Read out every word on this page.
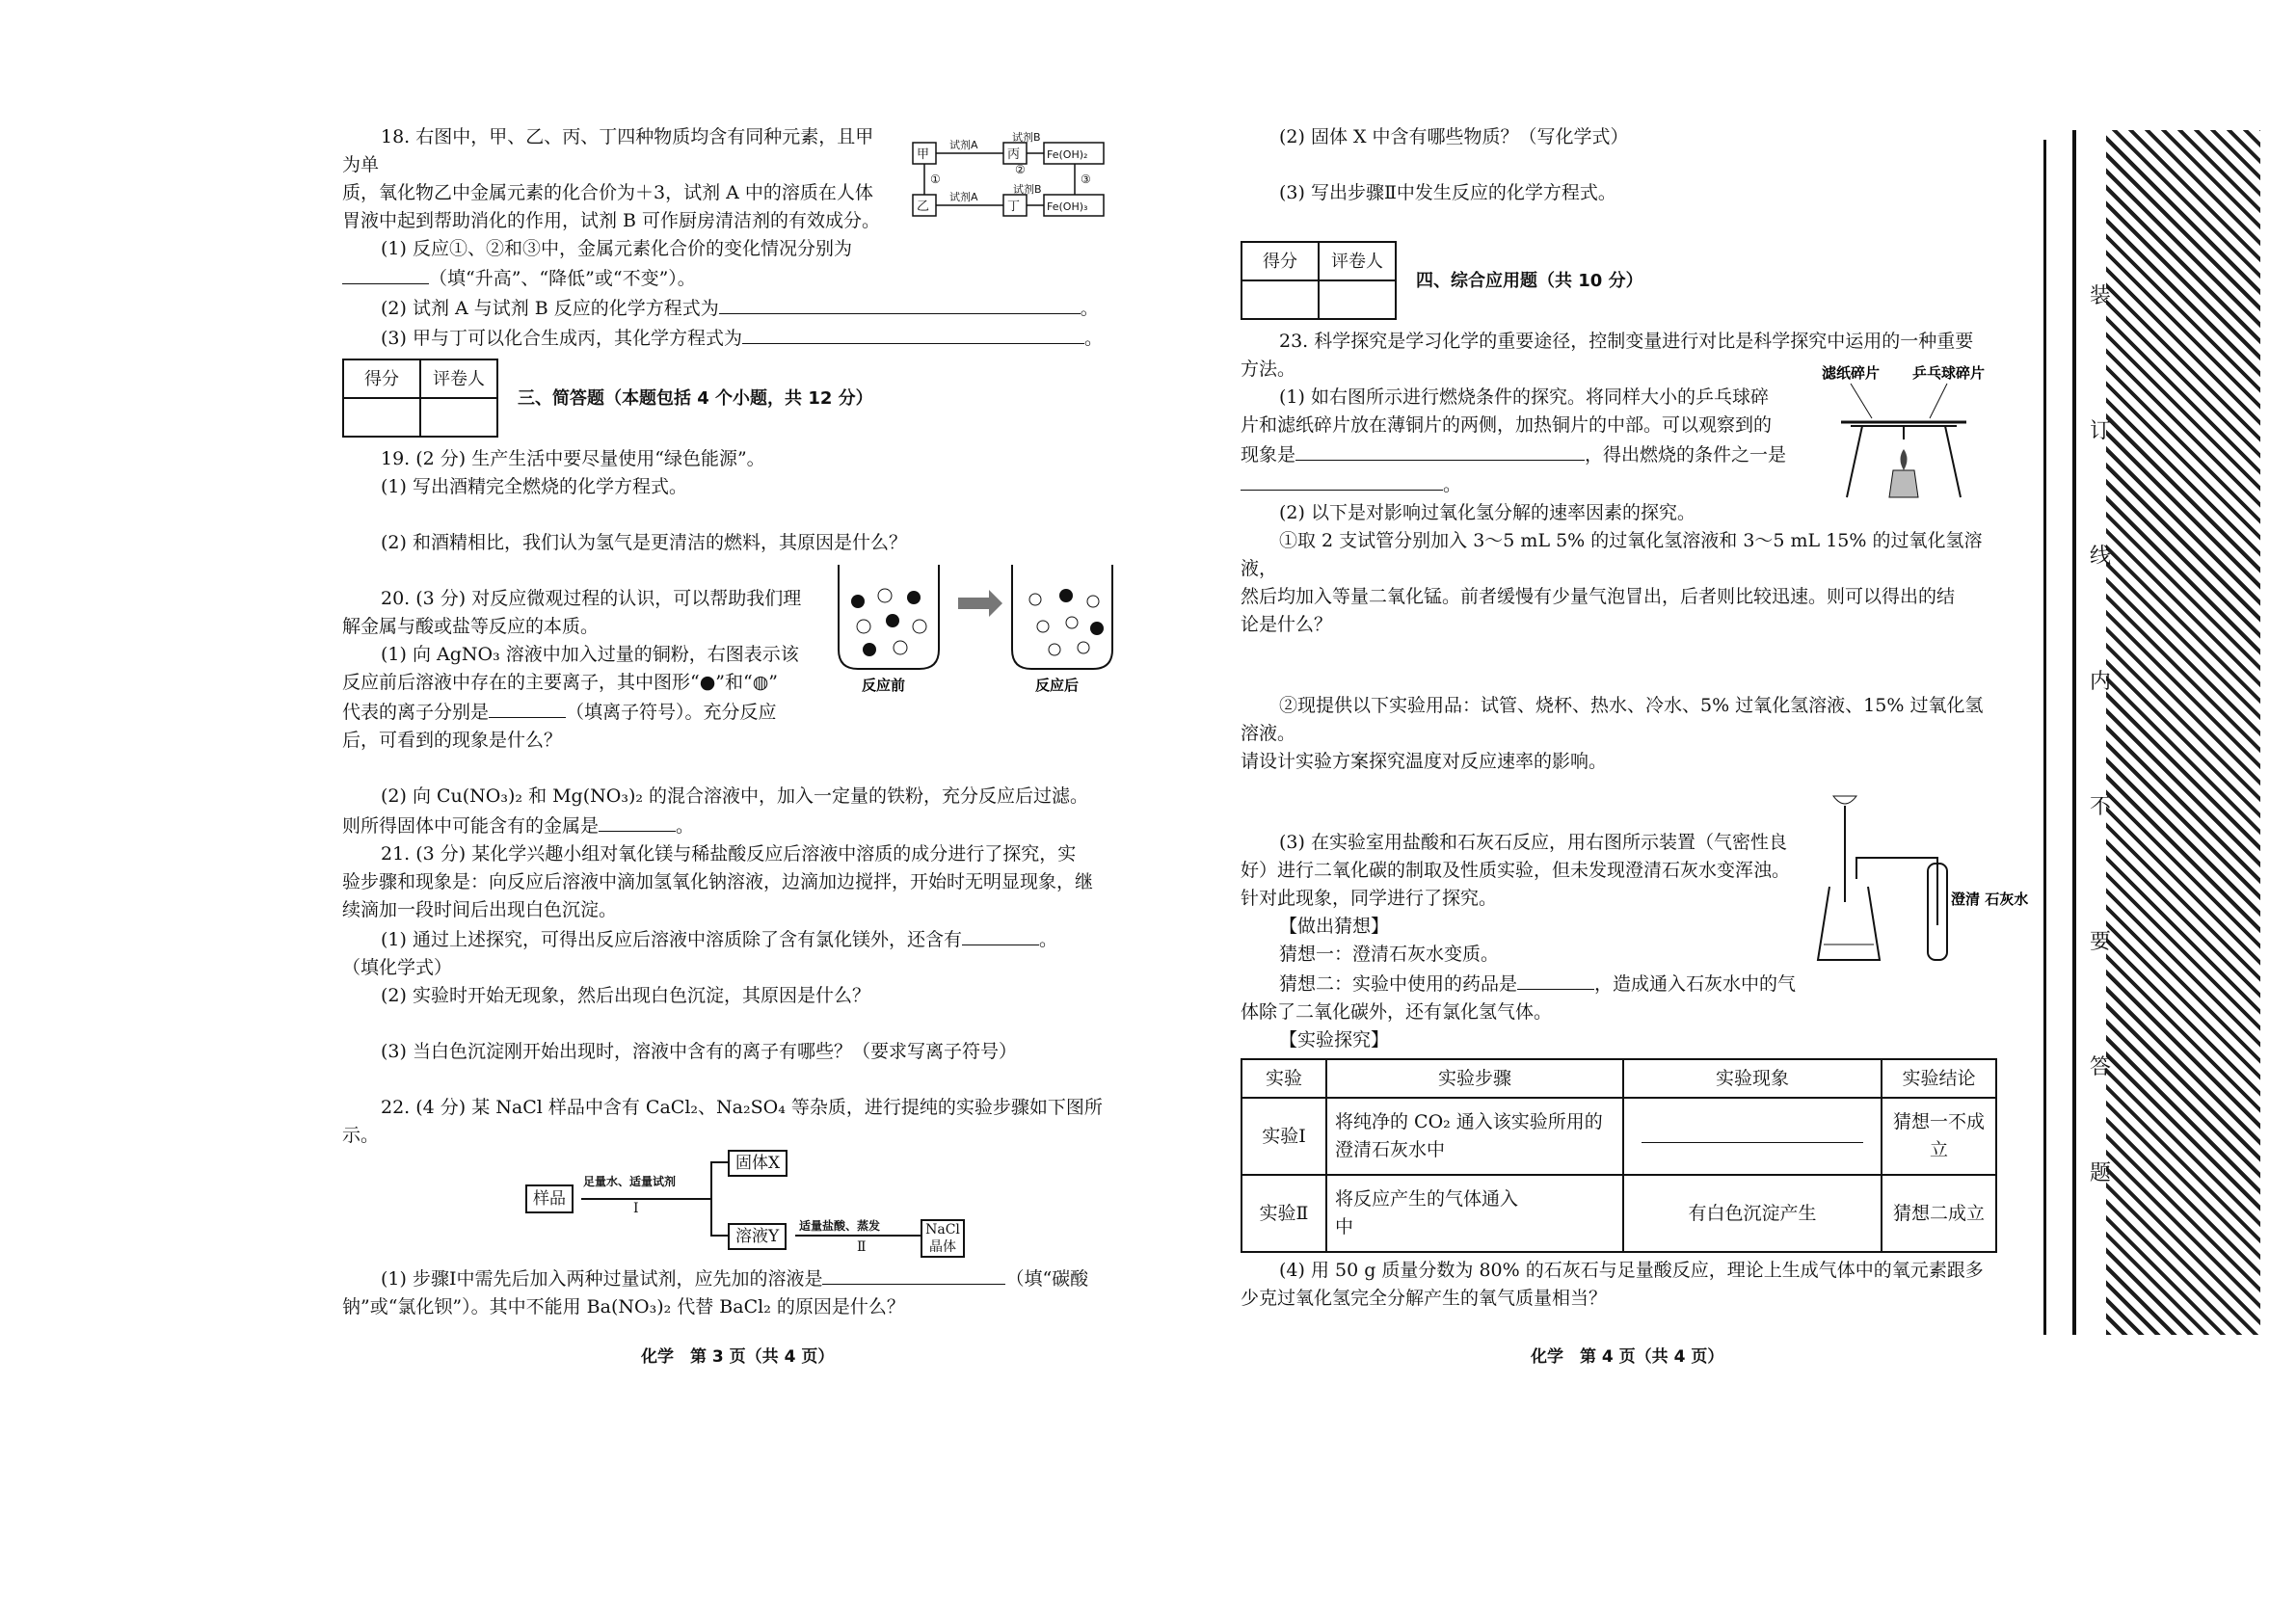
18. 右图中，甲、乙、丙、丁四种物质均含有同种元素，且甲为单

质，氧化物乙中金属元素的化合价为＋3，试剂 A 中的溶质在人体

胃液中起到帮助消化的作用，试剂 B 可作厨房清洁剂的有效成分。

(1) 反应①、②和③中，金属元素化合价的变化情况分别为

（填“升高”、“降低”或“不变”）。

(2) 试剂 A 与试剂 B 反应的化学方程式为	。

(3) 甲与丁可以化合生成丙，其化学方程式为	。

得分	评卷人

三、简答题（本题包括 4 个小题，共 12 分）

19. (2 分) 生产生活中要尽量使用“绿色能源”。

(1) 写出酒精完全燃烧的化学方程式。

(2) 和酒精相比，我们认为氢气是更清洁的燃料，其原因是什么？

20. (3 分) 对反应微观过程的认识，可以帮助我们理

解金属与酸或盐等反应的本质。

(1) 向 AgNO₃ 溶液中加入过量的铜粉，右图表示该

反应前后溶液中存在的主要离子，其中图形“●”和“◍”

代表的离子分别是	（填离子符号）。充分反应

后，可看到的现象是什么？

(2) 向 Cu(NO₃)₂ 和 Mg(NO₃)₂ 的混合溶液中，加入一定量的铁粉，充分反应后过滤。

则所得固体中可能含有的金属是	。

21. (3 分) 某化学兴趣小组对氧化镁与稀盐酸反应后溶液中溶质的成分进行了探究，实

验步骤和现象是：向反应后溶液中滴加氢氧化钠溶液，边滴加边搅拌，开始时无明显现象，继

续滴加一段时间后出现白色沉淀。

(1) 通过上述探究，可得出反应后溶液中溶质除了含有氯化镁外，还含有	。

（填化学式）

(2) 实验时开始无现象，然后出现白色沉淀，其原因是什么？

(3) 当白色沉淀刚开始出现时，溶液中含有的离子有哪些？（要求写离子符号）

22. (4 分) 某 NaCl 样品中含有 CaCl₂、Na₂SO₄ 等杂质，进行提纯的实验步骤如下图所示。

样品
足量水、适量试剂
Ⅰ
固体X
溶液Y
适量盐酸、蒸发
Ⅱ
NaCl 晶体

(1) 步骤Ⅰ中需先后加入两种过量试剂，应先加的溶液是	（填“碳酸

钠”或“氯化钡”）。其中不能用 Ba(NO₃)₂ 代替 BaCl₂ 的原因是什么？

甲	丙	Fe(OH)₂
乙	丁	Fe(OH)₃
试剂A
试剂B
②
①
试剂A
试剂B
③
反应前	反应后
化学　第 3 页（共 4 页）

(2) 固体 X 中含有哪些物质？（写化学式）

(3) 写出步骤Ⅱ中发生反应的化学方程式。

得分	评卷人

四、综合应用题（共 10 分）

23. 科学探究是学习化学的重要途径，控制变量进行对比是科学探究中运用的一种重要

方法。

(1) 如右图所示进行燃烧条件的探究。将同样大小的乒乓球碎

片和滤纸碎片放在薄铜片的两侧，加热铜片的中部。可以观察到的

现象是	，得出燃烧的条件之一是

。

(2) 以下是对影响过氧化氢分解的速率因素的探究。

①取 2 支试管分别加入 3～5 mL 5% 的过氧化氢溶液和 3～5 mL 15% 的过氧化氢溶液，

然后均加入等量二氧化锰。前者缓慢有少量气泡冒出，后者则比较迅速。则可以得出的结

论是什么？

②现提供以下实验用品：试管、烧杯、热水、冷水、5% 过氧化氢溶液、15% 过氧化氢溶液。

请设计实验方案探究温度对反应速率的影响。

(3) 在实验室用盐酸和石灰石反应，用右图所示装置（气密性良

好）进行二氧化碳的制取及性质实验，但未发现澄清石灰水变浑浊。

针对此现象，同学进行了探究。

【做出猜想】

猜想一：澄清石灰水变质。

猜想二：实验中使用的药品是	，造成通入石灰水中的气

体除了二氧化碳外，还有氯化氢气体。

【实验探究】

实验	实验步骤	实验现象	实验结论
实验Ⅰ	将纯净的 CO₂ 通入该实验所用的澄清石灰水中		猜想一不成立
实验Ⅱ	将反应产生的气体通入　　　　　　　中	有白色沉淀产生	猜想二成立

(4) 用 50 g 质量分数为 80% 的石灰石与足量酸反应，理论上生成气体中的氧元素跟多

少克过氧化氢完全分解产生的氧气质量相当？

滤纸碎片 乒乓球碎片
澄清 石灰水
化学　第 4 页（共 4 页）
装
订
线
内
不
要
答
题
